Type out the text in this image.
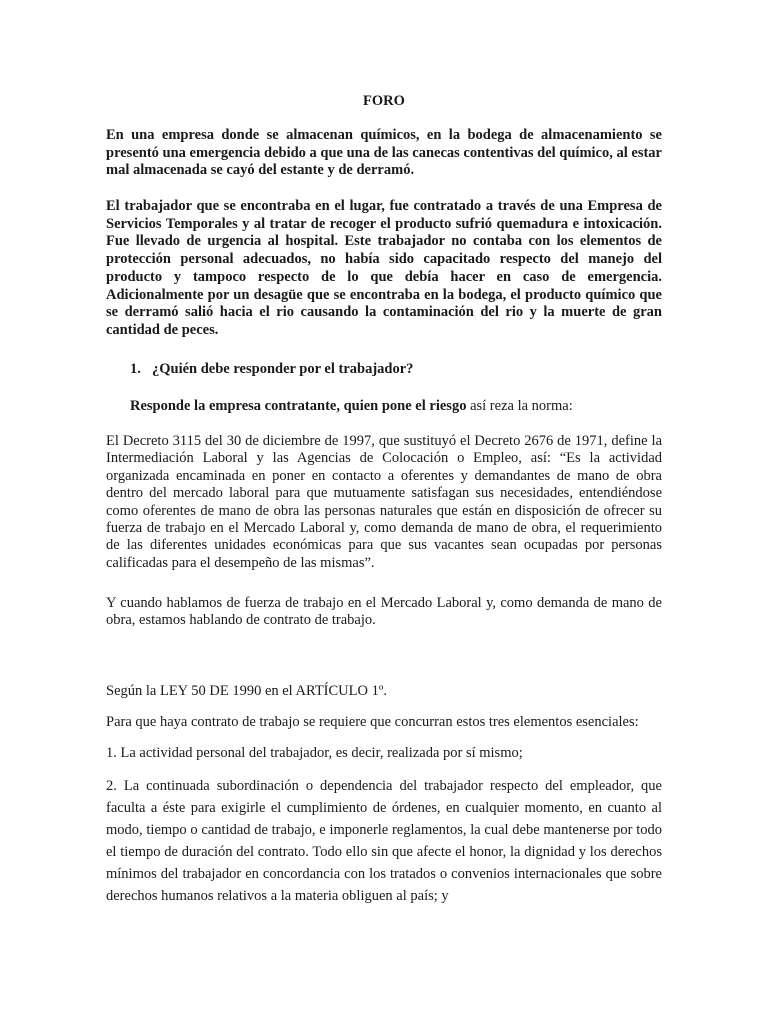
FORO
En una empresa donde se almacenan químicos, en la bodega de almacenamiento se presentó una emergencia debido a que una de las canecas contentivas del químico, al estar mal almacenada se cayó del estante y de derramó.
El trabajador que se encontraba en el lugar, fue contratado a través de una Empresa de Servicios Temporales y al tratar de recoger el producto sufrió quemadura e intoxicación. Fue llevado de urgencia al hospital. Este trabajador no contaba con los elementos de protección personal adecuados, no había sido capacitado respecto del manejo del producto y tampoco respecto de lo que debía hacer en caso de emergencia. Adicionalmente por un desagüe que se encontraba en la bodega, el producto químico que se derramó salió hacia el rio causando la contaminación del rio y la muerte de gran cantidad de peces.
1. ¿Quién debe responder por el trabajador?
Responde la empresa contratante, quien pone el riesgo así reza la norma:
El Decreto 3115 del 30 de diciembre de 1997, que sustituyó el Decreto 2676 de 1971, define la Intermediación Laboral y las Agencias de Colocación o Empleo, así: “Es la actividad organizada encaminada en poner en contacto a oferentes y demandantes de mano de obra dentro del mercado laboral para que mutuamente satisfagan sus necesidades, entendiéndose como oferentes de mano de obra las personas naturales que están en disposición de ofrecer su fuerza de trabajo en el Mercado Laboral y, como demanda de mano de obra, el requerimiento de las diferentes unidades económicas para que sus vacantes sean ocupadas por personas calificadas para el desempeño de las mismas”.
Y cuando hablamos de fuerza de trabajo en el Mercado Laboral y, como demanda de mano de obra, estamos hablando de contrato de trabajo.
Según la LEY 50 DE 1990 en el ARTÍCULO 1º.
Para que haya contrato de trabajo se requiere que concurran estos tres elementos esenciales:
1. La actividad personal del trabajador, es decir, realizada por sí mismo;
2. La continuada subordinación o dependencia del trabajador respecto del empleador, que faculta a éste para exigirle el cumplimiento de órdenes, en cualquier momento, en cuanto al modo, tiempo o cantidad de trabajo, e imponerle reglamentos, la cual debe mantenerse por todo el tiempo de duración del contrato. Todo ello sin que afecte el honor, la dignidad y los derechos mínimos del trabajador en concordancia con los tratados o convenios internacionales que sobre derechos humanos relativos a la materia obliguen al país; y
